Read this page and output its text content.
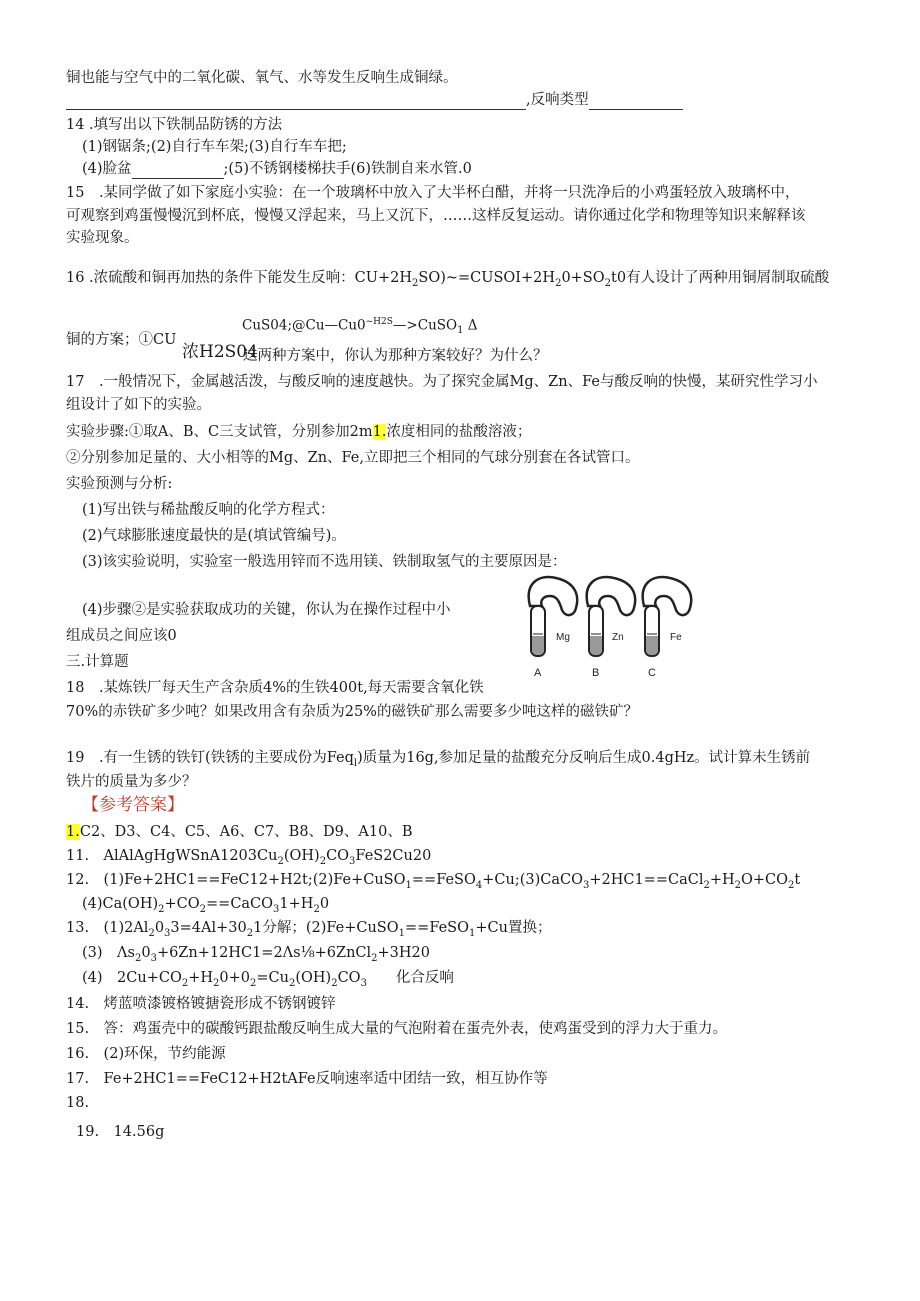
铜也能与空气中的二氧化碳、氧气、水等发生反响生成铜绿。
,反响类型
14 .填写出以下铁制品防锈的方法
(1)钢锯条;(2)自行车车架;(3)自行车车把;
(4)脸盆	;(5)不锈钢楼梯扶手(6)铁制自来水管.0
15　.某同学做了如下家庭小实验：在一个玻璃杯中放入了大半杯白醋，并将一只洗净后的小鸡蛋轻放入玻璃杯中，
可观察到鸡蛋慢慢沉到杯底，慢慢又浮起来，马上又沉下，……这样反复运动。请你通过化学和物理等知识来解释该
实验现象。
16 .浓硫酸和铜再加热的条件下能发生反响：$CU+2H_2SO)\sim=CUSOI+2H_20+SO_2t0$有人设计了两种用铜屑制取硫酸
$CuS04;@Cu—Cu0^{\sim H2S}—>CuSO_1$ Δ
铜的方案；①CU
浓H2S04
这两种方案中，你认为那种方案较好？为什么？
17　.一般情况下，金属越活泼，与酸反响的速度越快。为了探究金属Mg、Zn、Fe与酸反响的快慢，某研究性学习小
组设计了如下的实验。
实验步骤:①取A、B、C三支试管，分别参加2m1.浓度相同的盐酸溶液；
②分别参加足量的、大小相等的Mg、Zn、Fe,立即把三个相同的气球分别套在各试管口。
实验预测与分析:
(1)写出铁与稀盐酸反响的化学方程式：
(2)气球膨胀速度最快的是(填试管编号)。
(3)该实验说明，实验室一般选用锌而不选用镁、铁制取氢气的主要原因是：
(4)步骤②是实验获取成功的关键，你认为在操作过程中小
组成员之间应该0
三.计算题
Mg	Zn	Fe
A	B	C
18　.某炼铁厂每天生产含杂质4%的生铁400t,每天需要含氧化铁
70%的赤铁矿多少吨？如果改用含有杂质为25%的磁铁矿那么需要多少吨这样的磁铁矿？
19　.有一生锈的铁钉(铁锈的主要成份为Feq$_l$)质量为16g,参加足量的盐酸充分反响后生成0.4gHz。试计算未生锈前
铁片的质量为多少？
【参考答案】
1.C2、D3、C4、C5、A6、C7、B8、D9、A10、B
11.　$AlAlAgHgWSnA1203Cu_2(OH)_2CO_3FeS2Cu20$
12.　$(1)Fe+2HC1==FeC12+H2t;(2)Fe+CuSO_1==FeSO_4+Cu;(3)CaCO_3+2HC1==CaCl_2+H_2O+CO_2t$
$(4)Ca(OH)_2+CO_2==CaCO_31+H_20$
13.　$(1)2Al_20_33=4Al+30_21$分解；(2)Fe+CuSO$_1$==FeSO$_1$+Cu置换；
(3)　$\Lambda s_20_3+6Zn+12HC1=2\Lambda s\frac{1}{8}+6ZnCl_2+3H20$
(4)　$2Cu+CO_2+H_20+0_2=Cu_2(OH)_2CO_3$　　化合反响
14.　烤蓝喷漆镀格镀搪瓷形成不锈钢镀锌
15.　答：鸡蛋壳中的碳酸钙跟盐酸反响生成大量的气泡附着在蛋壳外表，使鸡蛋受到的浮力大于重力。
16.　(2)环保，节约能源
17.　Fe+2HC1==FeC12+H2tAFe反响速率适中团结一致，相互协作等
18.
19.　14.56g
